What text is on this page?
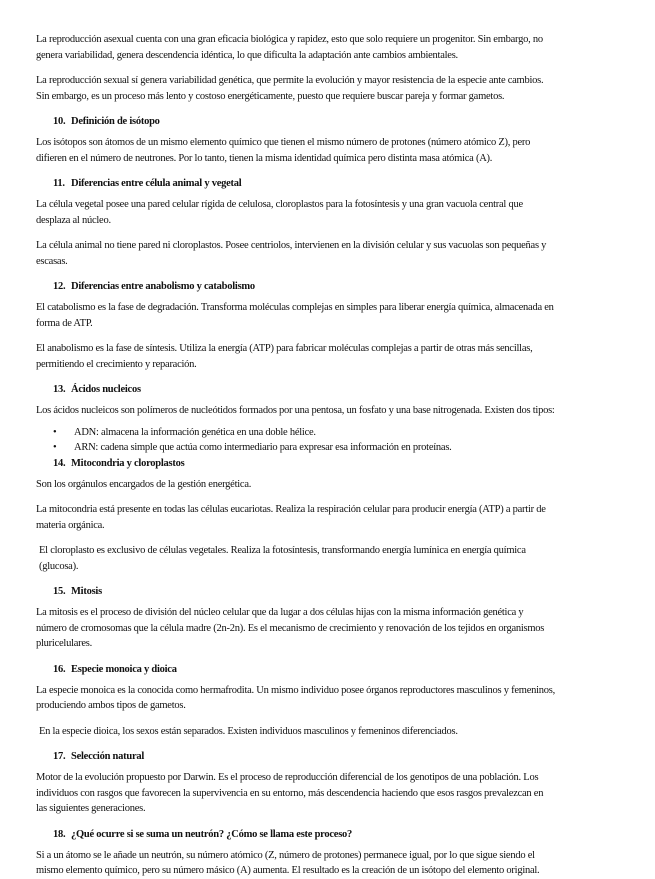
La reproducción asexual cuenta con una gran eficacia biológica y rapidez, esto que solo requiere un progenitor. Sin embargo, no genera variabilidad, genera descendencia idéntica, lo que dificulta la adaptación ante cambios ambientales.

La reproducción sexual sí genera variabilidad genética, que permite la evolución y mayor resistencia de la especie ante cambios. Sin embargo, es un proceso más lento y costoso energéticamente, puesto que requiere buscar pareja y formar gametos.

10. Definición de isótopo

Los isótopos son átomos de un mismo elemento químico que tienen el mismo número de protones (número atómico Z), pero difieren en el número de neutrones. Por lo tanto, tienen la misma identidad química pero distinta masa atómica (A).

11. Diferencias entre célula animal y vegetal

La célula vegetal posee una pared celular rígida de celulosa, cloroplastos para la fotosíntesis y una gran vacuola central que desplaza al núcleo.

La célula animal no tiene pared ni cloroplastos. Posee centriolos, intervienen en la división celular y sus vacuolas son pequeñas y escasas.

12. Diferencias entre anabolismo y catabolismo

El catabolismo es la fase de degradación. Transforma moléculas complejas en simples para liberar energía química, almacenada en forma de ATP.

El anabolismo es la fase de síntesis. Utiliza la energía (ATP) para fabricar moléculas complejas a partir de otras más sencillas, permitiendo el crecimiento y reparación.

13. Ácidos nucleicos

Los ácidos nucleicos son polímeros de nucleótidos formados por una pentosa, un fosfato y una base nitrogenada. Existen dos tipos:

• ADN: almacena la información genética en una doble hélice.
• ARN: cadena simple que actúa como intermediario para expresar esa información en proteínas.
14. Mitocondria y cloroplastos

Son los orgánulos encargados de la gestión energética.

La mitocondria está presente en todas las células eucariotas. Realiza la respiración celular para producir energía (ATP) a partir de materia orgánica.

El cloroplasto es exclusivo de células vegetales. Realiza la fotosíntesis, transformando energía lumínica en energía química (glucosa).

15. Mitosis

La mitosis es el proceso de división del núcleo celular que da lugar a dos células hijas con la misma información genética y número de cromosomas que la célula madre (2n-2n). Es el mecanismo de crecimiento y renovación de los tejidos en organismos pluricelulares.

16. Especie monoica y dioica

La especie monoica es la conocida como hermafrodita. Un mismo individuo posee órganos reproductores masculinos y femeninos, produciendo ambos tipos de gametos.

En la especie dioica, los sexos están separados. Existen individuos masculinos y femeninos diferenciados.

17. Selección natural

Motor de la evolución propuesto por Darwin. Es el proceso de reproducción diferencial de los genotipos de una población. Los individuos con rasgos que favorecen la supervivencia en su entorno, más descendencia haciendo que esos rasgos prevalezcan en las siguientes generaciones.

18. ¿Qué ocurre si se suma un neutrón? ¿Cómo se llama este proceso?

Si a un átomo se le añade un neutrón, su número atómico (Z, número de protones) permanece igual, por lo que sigue siendo el mismo elemento químico, pero su número másico (A) aumenta. El resultado es la creación de un isótopo del elemento original.
